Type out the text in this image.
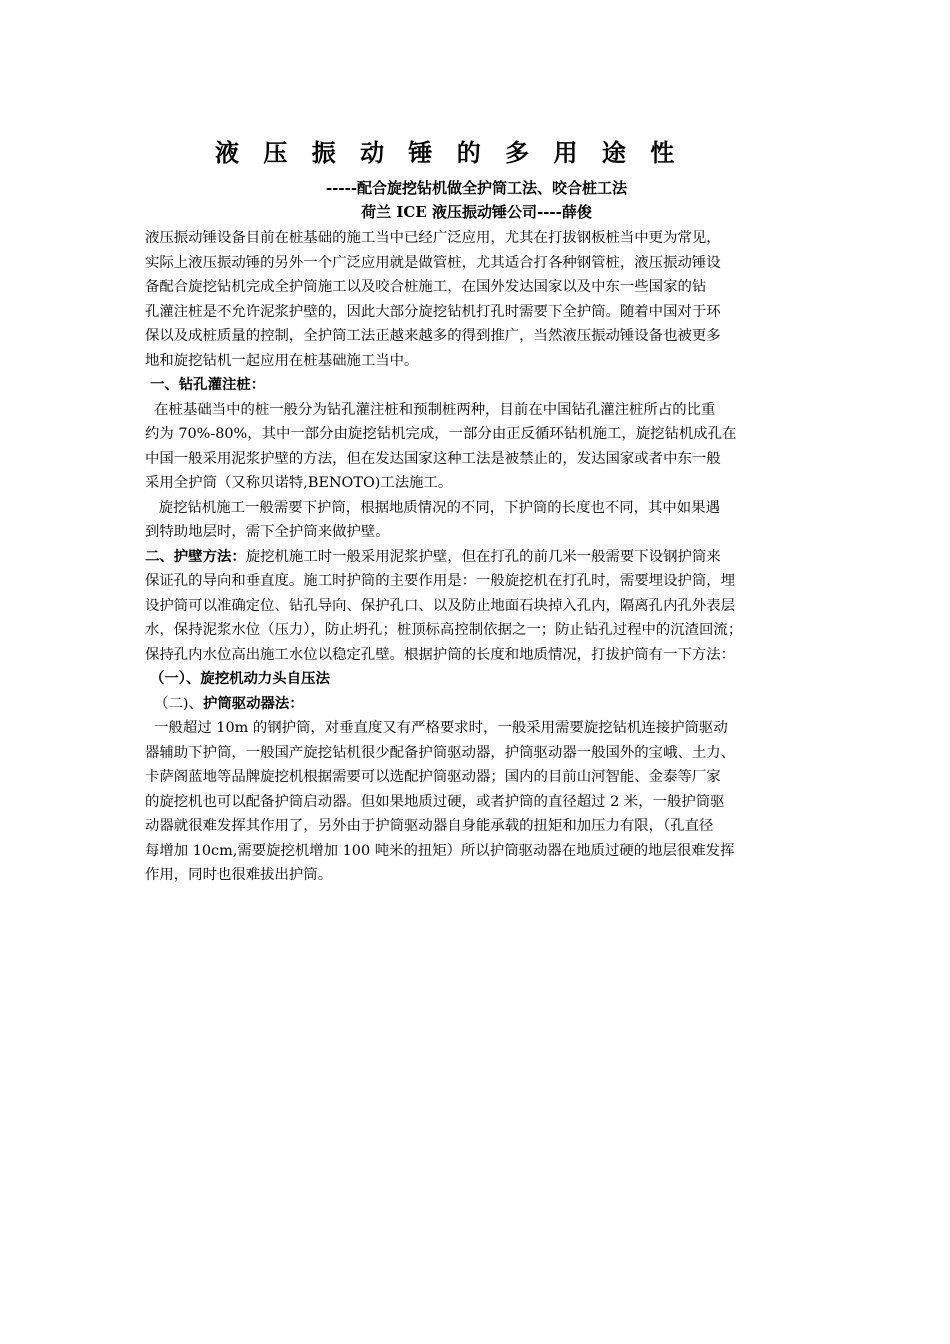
液 压 振 动 锤 的 多 用 途 性
-----配合旋挖钻机做全护筒工法、咬合桩工法
荷兰 ICE 液压振动锤公司----薛俊
液压振动锤设备目前在桩基础的施工当中已经广泛应用，尤其在打拔钢板桩当中更为常见，
实际上液压振动锤的另外一个广泛应用就是做管桩，尤其适合打各种钢管桩，液压振动锤设
备配合旋挖钻机完成全护筒施工以及咬合桩施工，在国外发达国家以及中东一些国家的钻
孔灌注桩是不允许泥浆护壁的，因此大部分旋挖钻机打孔时需要下全护筒。随着中国对于环
保以及成桩质量的控制，全护筒工法正越来越多的得到推广，当然液压振动锤设备也被更多
地和旋挖钻机一起应用在桩基础施工当中。
一、钻孔灌注桩：
在桩基础当中的桩一般分为钻孔灌注桩和预制桩两种，目前在中国钻孔灌注桩所占的比重
约为 70%-80%，其中一部分由旋挖钻机完成，一部分由正反循环钻机施工，旋挖钻机成孔在
中国一般采用泥浆护壁的方法，但在发达国家这种工法是被禁止的，发达国家或者中东一般
采用全护筒（又称贝诺特,BENOTO)工法施工。
旋挖钻机施工一般需要下护筒，根据地质情况的不同，下护筒的长度也不同，其中如果遇
到特助地层时，需下全护筒来做护壁。
二、护壁方法：旋挖机施工时一般采用泥浆护壁，但在打孔的前几米一般需要下设钢护筒来
保证孔的导向和垂直度。施工时护筒的主要作用是：一般旋挖机在打孔时，需要埋设护筒，埋
设护筒可以准确定位、钻孔导向、保护孔口、以及防止地面石块掉入孔内，隔离孔内孔外表层
水，保持泥浆水位（压力），防止坍孔；桩顶标高控制依据之一；防止钻孔过程中的沉渣回流；
保持孔内水位高出施工水位以稳定孔壁。根据护筒的长度和地质情况，打拔护筒有一下方法：
（一）、旋挖机动力头自压法
（二)、护筒驱动器法：
一般超过 10m 的钢护筒，对垂直度又有严格要求时，一般采用需要旋挖钻机连接护筒驱动
器辅助下护筒，一般国产旋挖钻机很少配备护筒驱动器，护筒驱动器一般国外的宝峨、土力、
卡萨阁蓝地等品牌旋挖机根据需要可以选配护筒驱动器；国内的目前山河智能、金泰等厂家
的旋挖机也可以配备护筒启动器。但如果地质过硬，或者护筒的直径超过 2 米，一般护筒驱
动器就很难发挥其作用了，另外由于护筒驱动器自身能承载的扭矩和加压力有限，（孔直径
每增加 10cm,需要旋挖机增加 100 吨米的扭矩）所以护筒驱动器在地质过硬的地层很难发挥
作用，同时也很难拔出护筒。
